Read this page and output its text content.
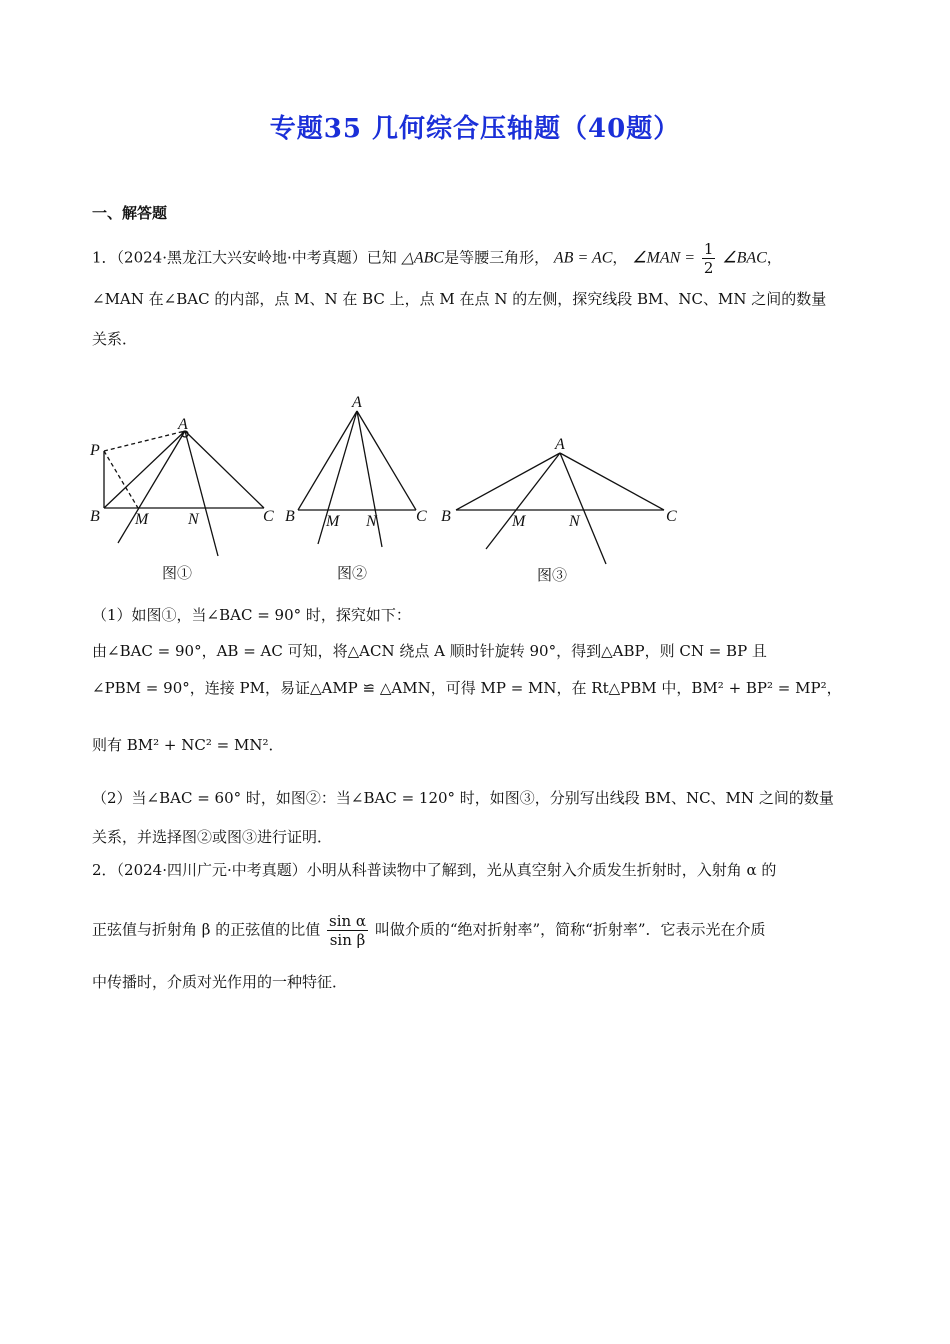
专题35 几何综合压轴题（40题）
一、解答题
1．（2024·黑龙江大兴安岭地·中考真题）已知 △ABC是等腰三角形， AB = AC， ∠MAN = $\frac{1}{2}$ ∠BAC，
∠MAN 在∠BAC 的内部，点 M、N 在 BC 上，点 M 在点 N 的左侧，探究线段 BM、NC、MN 之间的数量
关系．
A
P
B M N	C
A
B M N C
A
B	M	N	C
图①	图②	图③
（1）如图①，当∠BAC = 90° 时，探究如下：
由∠BAC = 90°，AB = AC 可知，将△ACN 绕点 A 顺时针旋转 90°，得到△ABP，则 CN = BP 且
∠PBM = 90°，连接 PM，易证△AMP ≌ △AMN，可得 MP = MN，在 Rt△PBM 中，BM² + BP² = MP²，
则有 BM² + NC² = MN²．
（2）当∠BAC = 60° 时，如图②：当∠BAC = 120° 时，如图③，分别写出线段 BM、NC、MN 之间的数量
关系，并选择图②或图③进行证明．
2．（2024·四川广元·中考真题）小明从科普读物中了解到，光从真空射入介质发生折射时，入射角 α 的
正弦值与折射角 β 的正弦值的比值 $\frac{\text{sin α}}{\text{sin β}}$ 叫做介质的“绝对折射率”，简称“折射率”．它表示光在介质
中传播时，介质对光作用的一种特征．
